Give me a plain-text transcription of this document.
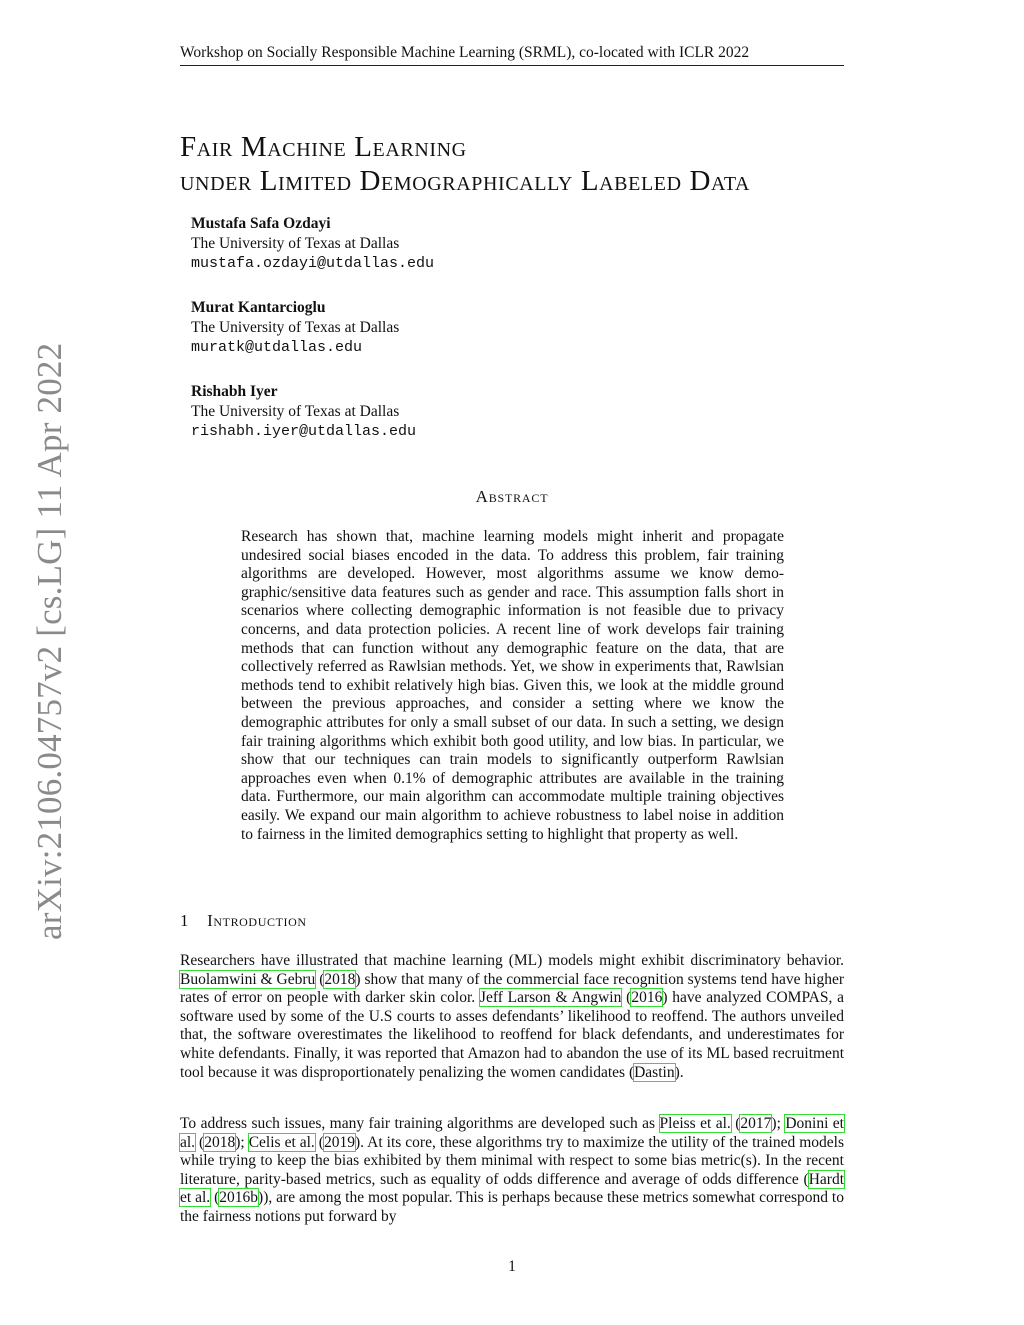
Workshop on Socially Responsible Machine Learning (SRML), co-located with ICLR 2022
arXiv:2106.04757v2 [cs.LG] 11 Apr 2022
Fair Machine Learning
under Limited Demographically Labeled Data
Mustafa Safa Ozdayi
The University of Texas at Dallas
mustafa.ozdayi@utdallas.edu
Murat Kantarcioglu
The University of Texas at Dallas
muratk@utdallas.edu
Rishabh Iyer
The University of Texas at Dallas
rishabh.iyer@utdallas.edu
Abstract

Research has shown that, machine learning models might inherit and propagate undesired social biases encoded in the data. To address this problem, fair training algorithms are developed. However, most algorithms assume we know demo-graphic/sensitive data features such as gender and race. This assumption falls short in scenarios where collecting demographic information is not feasible due to privacy concerns, and data protection policies. A recent line of work develops fair training methods that can function without any demographic feature on the data, that are collectively referred as Rawlsian methods. Yet, we show in experiments that, Rawlsian methods tend to exhibit relatively high bias. Given this, we look at the middle ground between the previous approaches, and consider a setting where we know the demographic attributes for only a small subset of our data. In such a setting, we design fair training algorithms which exhibit both good utility, and low bias. In particular, we show that our techniques can train models to significantly outperform Rawlsian approaches even when 0.1% of demographic attributes are available in the training data. Furthermore, our main algorithm can accommodate multiple training objectives easily. We expand our main algorithm to achieve robustness to label noise in addition to fairness in the limited demographics setting to highlight that property as well.

1 Introduction

Researchers have illustrated that machine learning (ML) models might exhibit discriminatory behavior. Buolamwini & Gebru (2018) show that many of the commercial face recognition systems tend have higher rates of error on people with darker skin color. Jeff Larson & Angwin (2016) have analyzed COMPAS, a software used by some of the U.S courts to asses defendants’ likelihood to reoffend. The authors unveiled that, the software overestimates the likelihood to reoffend for black defendants, and underestimates for white defendants. Finally, it was reported that Amazon had to abandon the use of its ML based recruitment tool because it was disproportionately penalizing the women candidates (Dastin).

To address such issues, many fair training algorithms are developed such as Pleiss et al. (2017); Donini et al. (2018); Celis et al. (2019). At its core, these algorithms try to maximize the utility of the trained models while trying to keep the bias exhibited by them minimal with respect to some bias metric(s). In the recent literature, parity-based metrics, such as equality of odds difference and average of odds difference (Hardt et al. (2016b)), are among the most popular. This is perhaps because these metrics somewhat correspond to the fairness notions put forward by

1
